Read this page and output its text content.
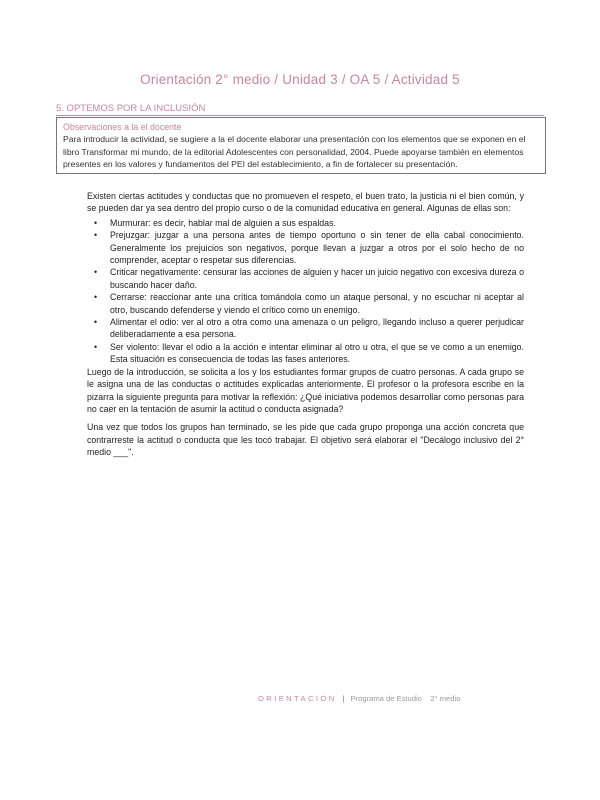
Orientación 2° medio / Unidad 3 / OA 5 / Actividad 5
5. OPTEMOS POR LA INCLUSIÓN
Observaciones a la el docente
Para introducir la actividad, se sugiere a la el docente elaborar una presentación con los elementos que se exponen en el libro Transformar mi mundo, de la editorial Adolescentes con personalidad, 2004. Puede apoyarse también en elementos presentes en los valores y fundamentos del PEI del establecimiento, a fin de fortalecer su presentación.

Existen ciertas actitudes y conductas que no promueven el respeto, el buen trato, la justicia ni el bien común, y se pueden dar ya sea dentro del propio curso o de la comunidad educativa en general. Algunas de ellas son:

• Murmurar: es decir, hablar mal de alguien a sus espaldas.
• Prejuzgar: juzgar a una persona antes de tiempo oportuno o sin tener de ella cabal conocimiento. Generalmente los prejuicios son negativos, porque llevan a juzgar a otros por el solo hecho de no comprender, aceptar o respetar sus diferencias.
• Criticar negativamente: censurar las acciones de alguien y hacer un juicio negativo con excesiva dureza o buscando hacer daño.
• Cerrarse: reaccionar ante una crítica tomándola como un ataque personal, y no escuchar ni aceptar al otro, buscando defenderse y viendo el crítico como un enemigo.
• Alimentar el odio: ver al otro a otra como una amenaza o un peligro, llegando incluso a querer perjudicar deliberadamente a esa persona.
• Ser violento: llevar el odio a la acción e intentar eliminar al otro u otra, el que se ve como a un enemigo. Esta situación es consecuencia de todas las fases anteriores.

Luego de la introducción, se solicita a los y los estudiantes formar grupos de cuatro personas. A cada grupo se le asigna una de las conductas o actitudes explicadas anteriormente. El profesor o la profesora escribe en la pizarra la siguiente pregunta para motivar la reflexión: ¿Qué iniciativa podemos desarrollar como personas para no caer en la tentación de asumir la actitud o conducta asignada?

Una vez que todos los grupos han terminado, se les pide que cada grupo proponga una acción concreta que contrarreste la actitud o conducta que les tocó trabajar. El objetivo será elaborar el "Decálogo inclusivo del 2° medio ___".

ORIENTACIÓN | Programa de Estudio 2° medio
